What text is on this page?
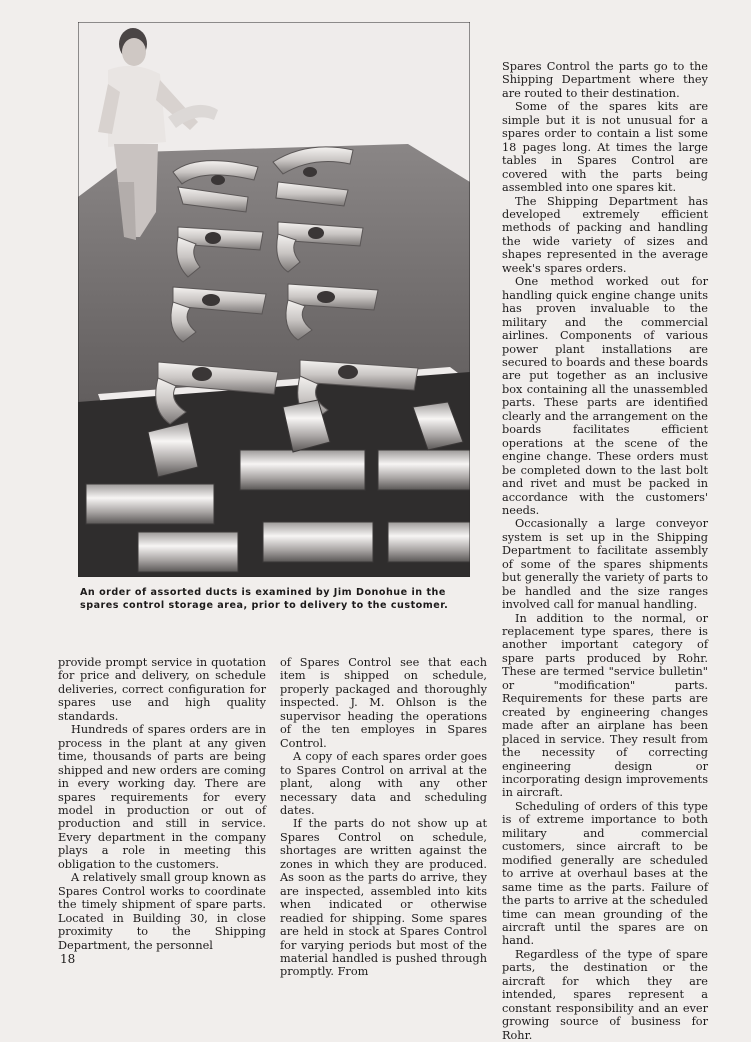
An order of assorted ducts is examined by Jim Donohue in the spares control storage area, prior to delivery to the customer.

Spares Control the parts go to the Shipping Department where they are routed to their destination.

Some of the spares kits are simple but it is not unusual for a spares order to contain a list some 18 pages long. At times the large tables in Spares Control are covered with the parts being assembled into one spares kit.

The Shipping Department has developed extremely efficient methods of packing and handling the wide variety of sizes and shapes represented in the average week's spares orders.

One method worked out for handling quick engine change units has proven invaluable to the military and the commercial airlines. Components of various power plant installations are secured to boards and these boards are put together as an inclusive box containing all the unassembled parts. These parts are identified clearly and the arrangement on the boards facilitates efficient operations at the scene of the engine change. These orders must be completed down to the last bolt and rivet and must be packed in accordance with the customers' needs.

Occasionally a large conveyor system is set up in the Shipping Department to facilitate assembly of some of the spares shipments but generally the variety of parts to be handled and the size ranges involved call for manual handling.

In addition to the normal, or replacement type spares, there is another important category of spare parts produced by Rohr. These are termed "service bulletin" or "modification" parts. Requirements for these parts are created by engineering changes made after an airplane has been placed in service. They result from the necessity of correcting engineering design or incorporating design improvements in aircraft.

Scheduling of orders of this type is of extreme importance to both military and commercial customers, since aircraft to be modified generally are scheduled to arrive at overhaul bases at the same time as the parts. Failure of the parts to arrive at the scheduled time can mean grounding of the aircraft until the spares are on hand.

Regardless of the type of spare parts, the destination or the aircraft for which they are intended, spares represent a constant responsibility and an ever growing source of business for Rohr.

provide prompt service in quotation for price and delivery, on schedule deliveries, correct configuration for spares use and high quality standards.

Hundreds of spares orders are in process in the plant at any given time, thousands of parts are being shipped and new orders are coming in every working day. There are spares requirements for every model in production or out of production and still in service. Every department in the company plays a role in meeting this obligation to the customers.

A relatively small group known as Spares Control works to coordinate the timely shipment of spare parts. Located in Building 30, in close proximity to the Shipping Department, the personnel

of Spares Control see that each item is shipped on schedule, properly packaged and thoroughly inspected. J. M. Ohlson is the supervisor heading the operations of the ten employes in Spares Control.

A copy of each spares order goes to Spares Control on arrival at the plant, along with any other necessary data and scheduling dates.

If the parts do not show up at Spares Control on schedule, shortages are written against the zones in which they are produced. As soon as the parts do arrive, they are inspected, assembled into kits when indicated or otherwise readied for shipping. Some spares are held in stock at Spares Control for varying periods but most of the material handled is pushed through promptly. From

18
